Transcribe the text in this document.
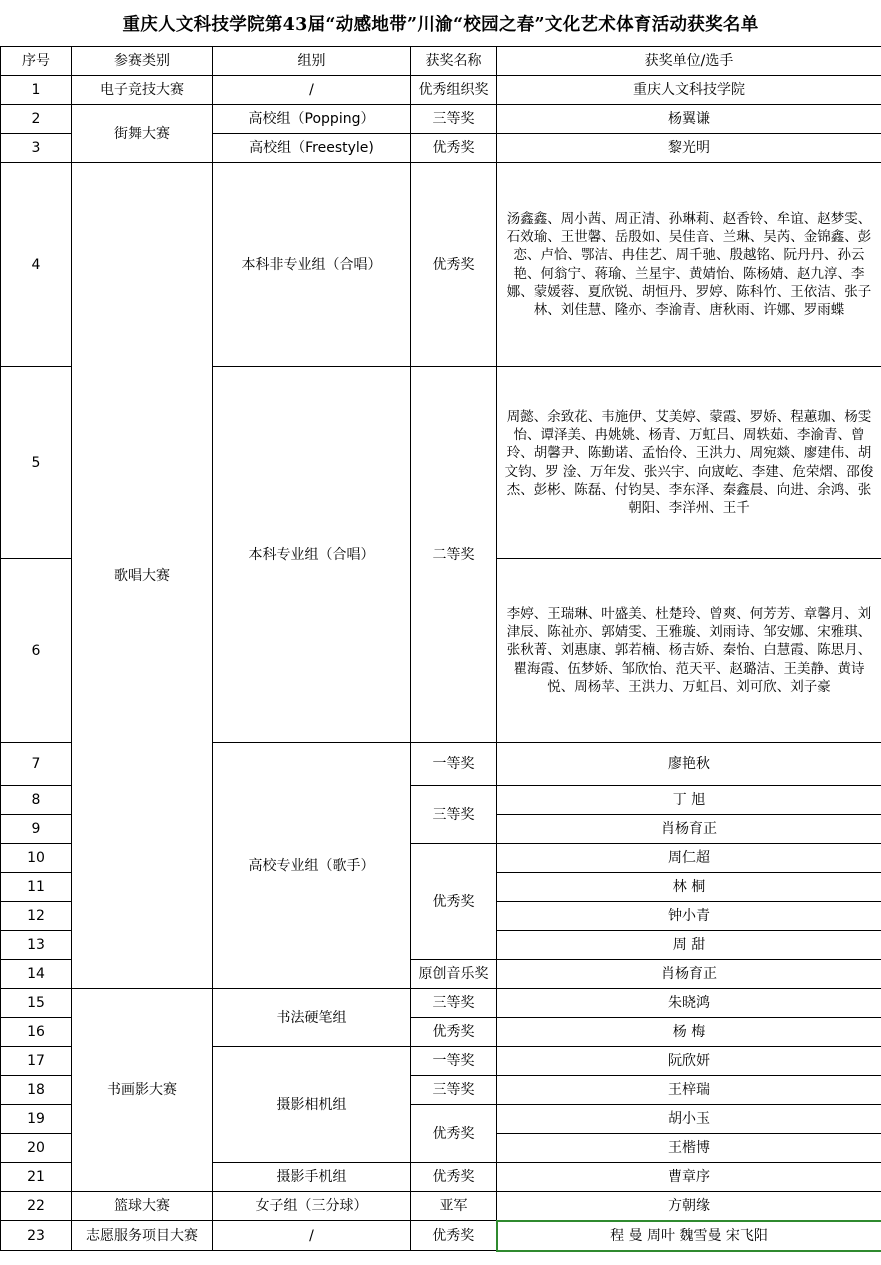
重庆人文科技学院第43届“动感地带”川渝“校园之春”文化艺术体育活动获奖名单
序号	参赛类别	组别	获奖名称	获奖单位/选手
1	电子竞技大赛	/	优秀组织奖	重庆人文科技学院
2	街舞大赛	高校组（Popping）	三等奖	杨翼谦
3		高校组（Freestyle)	优秀奖	黎光明
4	歌唱大赛	本科非专业组（合唱）	优秀奖	汤鑫鑫、周小茜、周正清、孙琳莉、赵香铃、牟谊、赵梦雯、石效瑜、王世馨、岳殷如、吴佳音、兰琳、吴芮、金锦鑫、彭恋、卢恰、鄂洁、冉佳艺、周千驰、殷越铭、阮丹丹、孙云艳、何翁宁、蒋瑜、兰星宇、黄婧怡、陈杨婧、赵九淳、李娜、蒙媛蓉、夏欣锐、胡恒丹、罗婷、陈科竹、王依洁、张子林、刘佳慧、隆亦、李渝青、唐秋雨、许娜、罗雨蝶
5		本科专业组（合唱）	二等奖	周懿、余致花、韦施伊、艾美婷、蒙霞、罗娇、程蕙珈、杨雯怡、谭泽美、冉姚姚、杨青、万虹吕、周轶茹、李渝青、曾玲、胡馨尹、陈勤诺、孟怡伶、王洪力、周宛燚、廖建伟、胡文钧、罗 淦、万年发、张兴宇、向宬屹、李建、危荣熠、邵俊杰、彭彬、陈磊、付钧昊、李东泽、秦鑫晨、向进、余鸿、张朝阳、李洋州、王千
6				李婷、王瑞琳、叶盛美、杜楚玲、曾爽、何芳芳、章馨月、刘津辰、陈祉亦、郭婧雯、王雅璇、刘雨诗、邹安娜、宋雅琪、张秋菁、刘惠康、郭若楠、杨吉娇、秦怡、白慧霞、陈思月、瞿海霞、伍梦娇、邹欣怡、范天平、赵璐洁、王美静、黄诗悦、周杨苹、王洪力、万虹吕、刘可欣、刘子豪
7		高校专业组（歌手）	一等奖	廖艳秋
8			三等奖	丁 旭
9				肖杨育正
10			优秀奖	周仁超
11				林 桐
12				钟小青
13				周 甜
14			原创音乐奖	肖杨育正
15	书画影大赛	书法硬笔组	三等奖	朱晓鸿
16			优秀奖	杨 梅
17		摄影相机组	一等奖	阮欣妍
18			三等奖	王梓瑞
19			优秀奖	胡小玉
20				王楷博
21		摄影手机组	优秀奖	曹章序
22	篮球大赛	女子组（三分球）	亚军	方朝缘
23	志愿服务项目大赛	/	优秀奖	程 曼 周叶 魏雪曼 宋飞阳
